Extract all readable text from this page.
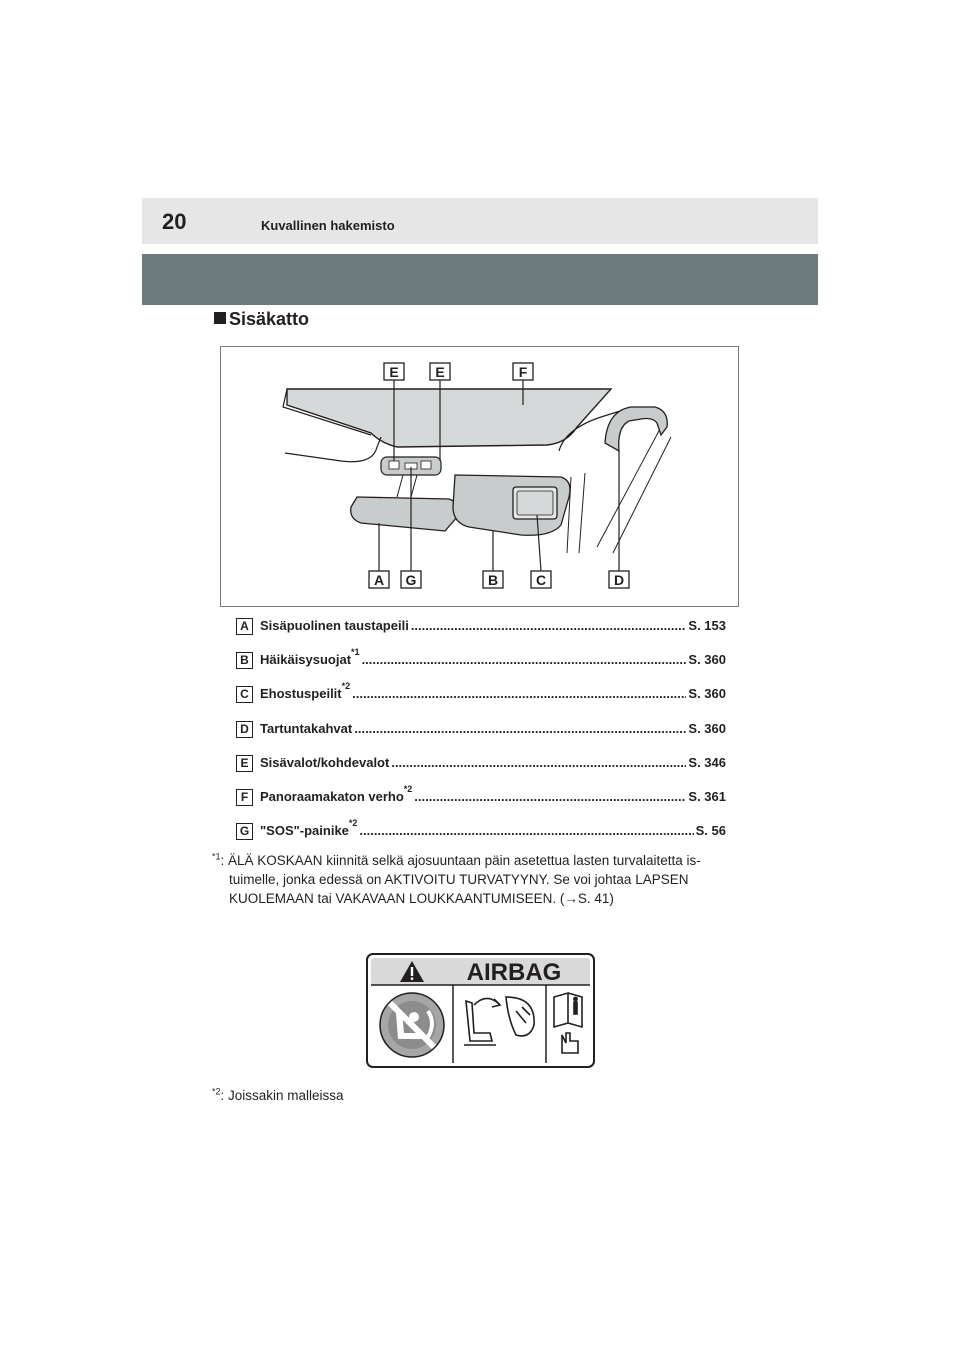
20	Kuvallinen hakemisto
Sisäkatto
E	E	F
A G	B	C	D
A Sisäpuolinen taustapeili .....	S. 153
B Häikäisysuojat *1 .....	S. 360
C Ehostuspeilit *2 .....	S. 360
D Tartuntakahvat .....	S. 360
E Sisävalot/kohdevalot .....	S. 346
F Panoraamakaton verho *2 .....	S. 361
G "SOS"-painike *2 .....	S. 56
$^{*1}$: ÄLÄ KOSKAAN kiinnitä selkä ajosuuntaan päin asetettua lasten turvalaitetta is-
tuimelle, jonka edessä on AKTIVOITU TURVATYYNY. Se voi johtaa LAPSEN
KUOLEMAAN tai VAKAVAAN LOUKKAANTUMISEEN. (→S. 41)
AIRBAG
$^{*2}$: Joissakin malleissa
